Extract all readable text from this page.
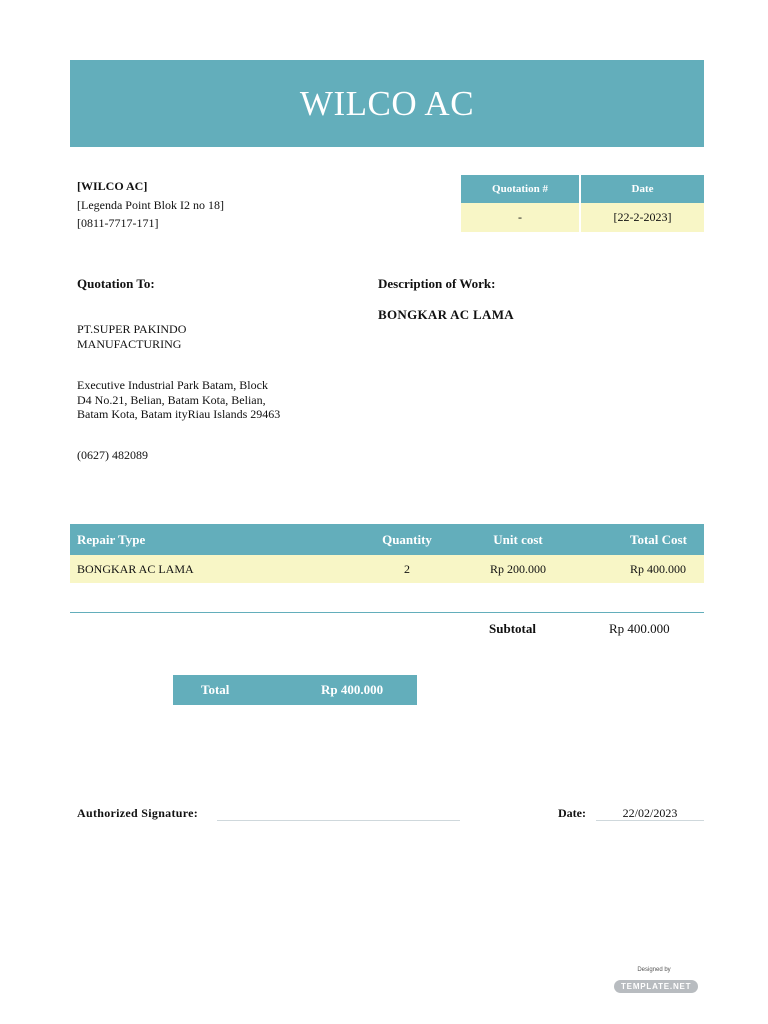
WILCO AC
[WILCO AC]
[Legenda Point Blok I2 no 18]
[0811-7717-171]
Quotation #	Date
-	[22-2-2023]
Quotation To:	Description of Work:
BONGKAR AC LAMA
PT.SUPER PAKINDO MANUFACTURING
Executive Industrial Park Batam, Block D4 No.21, Belian, Batam Kota, Belian, Batam Kota, Batam ityRiau Islands 29463
(0627) 482089
Repair Type	Quantity	Unit cost	Total Cost
BONGKAR AC LAMA	2	Rp 200.000	Rp 400.000
Subtotal	Rp 400.000
Total	Rp 400.000
Authorized Signature:	Date:	22/02/2023
Designed by
TEMPLATE.NET
